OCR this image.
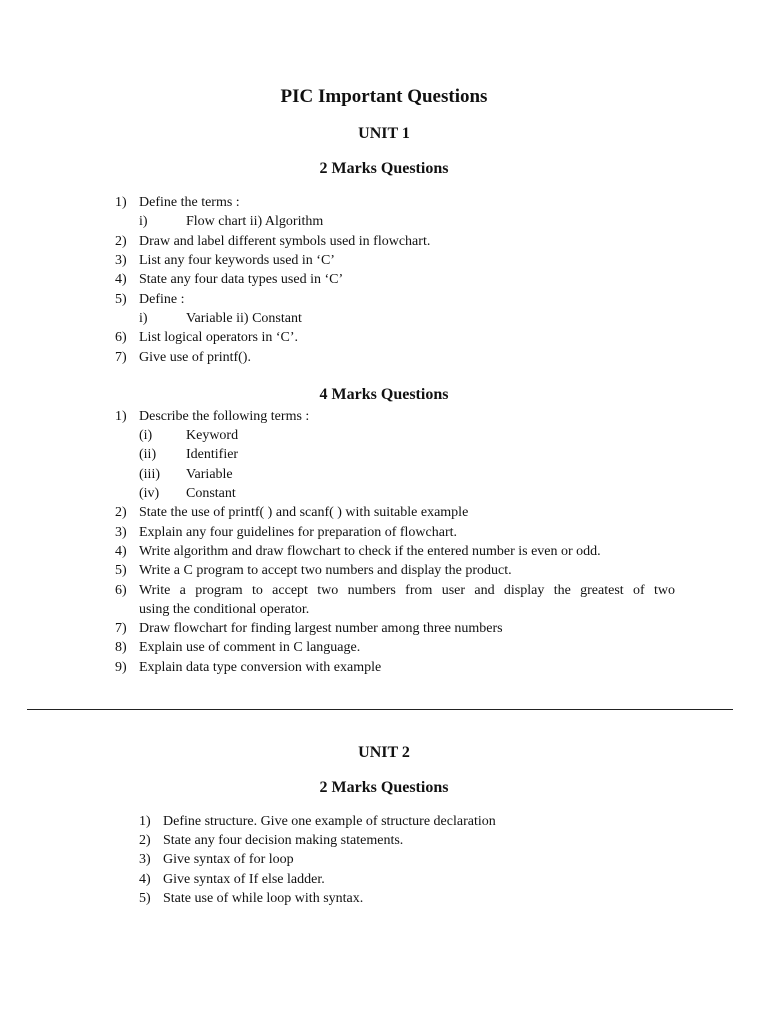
PIC Important Questions
UNIT 1
2 Marks Questions
1) Define the terms :
i)	Flow chart ii) Algorithm
2) Draw and label different symbols used in flowchart.
3) List any four keywords used in ‘C’
4) State any four data types used in ‘C’
5) Define :
i)	Variable ii) Constant
6) List logical operators in ‘C’.
7) Give use of printf().
4 Marks Questions
1) Describe the following terms :
(i) Keyword
(ii) Identifier
(iii) Variable
(iv) Constant
2) State the use of printf( ) and scanf( ) with suitable example
3) Explain any four guidelines for preparation of flowchart.
4) Write algorithm and draw flowchart to check if the entered number is even or odd.
5) Write a C program to accept two numbers and display the product.
6) Write a program to accept two numbers from user and display the greatest of two
using the conditional operator.
7) Draw flowchart for finding largest number among three numbers
8) Explain use of comment in C language.
9) Explain data type conversion with example
UNIT 2
2 Marks Questions
1) Define structure. Give one example of structure declaration
2) State any four decision making statements.
3) Give syntax of for loop
4) Give syntax of If else ladder.
5) State use of while loop with syntax.
